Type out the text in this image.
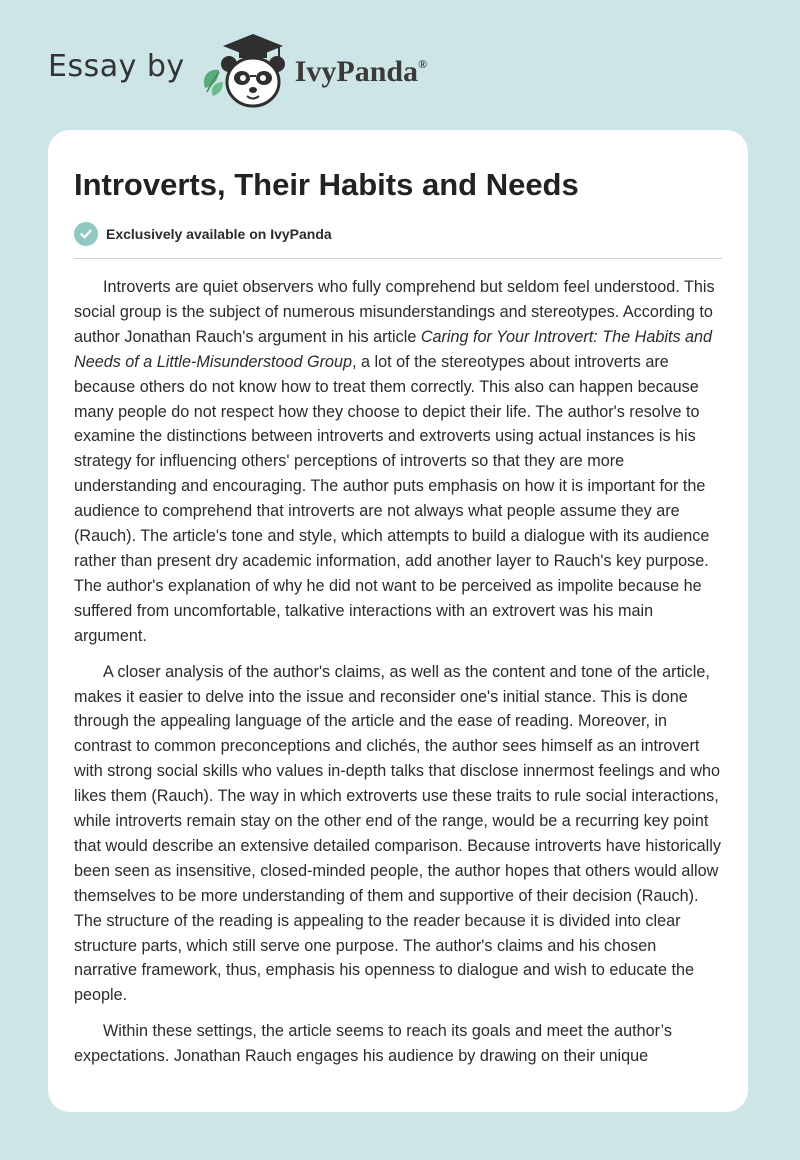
Essay by	IvyPanda®
Introverts, Their Habits and Needs
Exclusively available on IvyPanda

Introverts are quiet observers who fully comprehend but seldom feel understood. This social group is the subject of numerous misunderstandings and stereotypes. According to author Jonathan Rauch's argument in his article Caring for Your Introvert: The Habits and Needs of a Little-Misunderstood Group, a lot of the stereotypes about introverts are because others do not know how to treat them correctly. This also can happen because many people do not respect how they choose to depict their life. The author's resolve to examine the distinctions between introverts and extroverts using actual instances is his strategy for influencing others' perceptions of introverts so that they are more understanding and encouraging. The author puts emphasis on how it is important for the audience to comprehend that introverts are not always what people assume they are (Rauch). The article's tone and style, which attempts to build a dialogue with its audience rather than present dry academic information, add another layer to Rauch's key purpose. The author's explanation of why he did not want to be perceived as impolite because he suffered from uncomfortable, talkative interactions with an extrovert was his main argument.

A closer analysis of the author's claims, as well as the content and tone of the article, makes it easier to delve into the issue and reconsider one's initial stance. This is done through the appealing language of the article and the ease of reading. Moreover, in contrast to common preconceptions and clichés, the author sees himself as an introvert with strong social skills who values in-depth talks that disclose innermost feelings and who likes them (Rauch). The way in which extroverts use these traits to rule social interactions, while introverts remain stay on the other end of the range, would be a recurring key point that would describe an extensive detailed comparison. Because introverts have historically been seen as insensitive, closed-minded people, the author hopes that others would allow themselves to be more understanding of them and supportive of their decision (Rauch). The structure of the reading is appealing to the reader because it is divided into clear structure parts, which still serve one purpose. The author's claims and his chosen narrative framework, thus, emphasis his openness to dialogue and wish to educate the people.

Within these settings, the article seems to reach its goals and meet the author’s expectations. Jonathan Rauch engages his audience by drawing on their unique
